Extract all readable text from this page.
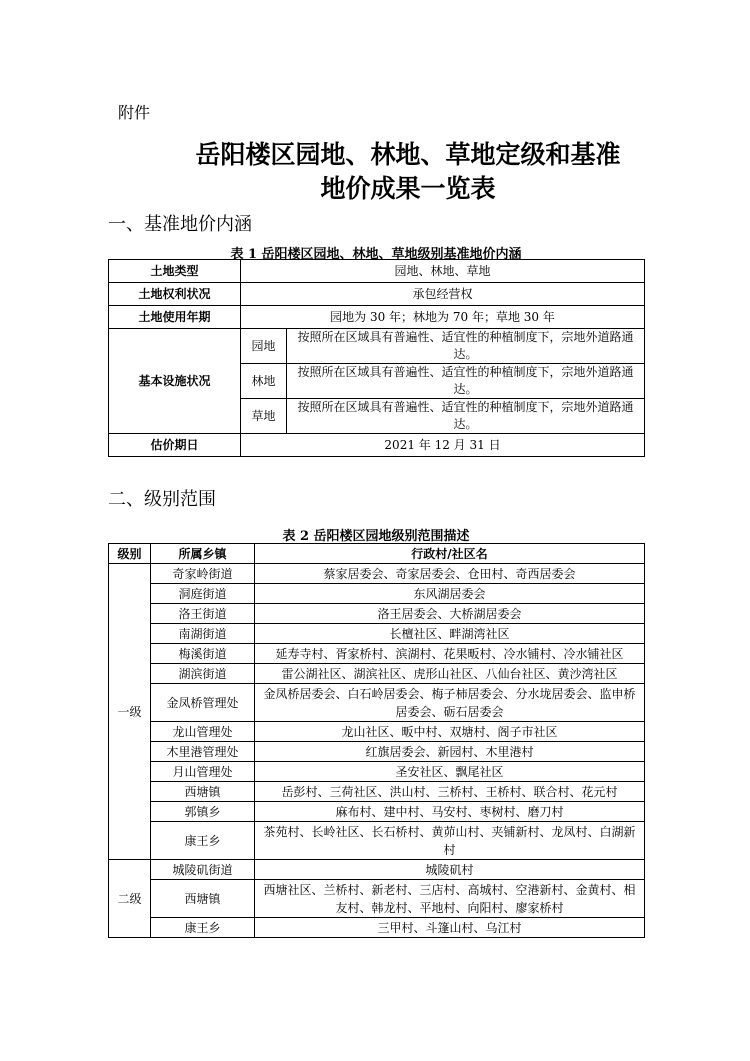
附件
岳阳楼区园地、林地、草地定级和基准
地价成果一览表
一、基准地价内涵
表 1 岳阳楼区园地、林地、草地级别基准地价内涵
土地类型	园地、林地、草地	
土地权利状况	承包经营权	
土地使用年期	园地为 30 年；林地为 70 年；草地 30 年	
基本设施状况	园地	按照所在区域具有普遍性、适宜性的种植制度下，宗地外道路通达。
	林地	按照所在区域具有普遍性、适宜性的种植制度下，宗地外道路通达。
	草地	按照所在区域具有普遍性、适宜性的种植制度下，宗地外道路通达。
估价期日	2021 年 12 月 31 日	
二、级别范围
表 2 岳阳楼区园地级别范围描述
级别	所属乡镇	行政村/社区名
一级	奇家岭街道	蔡家居委会、奇家居委会、仓田村、奇西居委会
	洞庭街道	东风湖居委会
	洛王街道	洛王居委会、大桥湖居委会
	南湖街道	长檀社区、畔湖湾社区
	梅溪街道	延寿寺村、胥家桥村、滨湖村、花果畈村、冷水铺村、冷水铺社区
	湖滨街道	雷公湖社区、湖滨社区、虎形山社区、八仙台社区、黄沙湾社区
	金凤桥管理处	金凤桥居委会、白石岭居委会、梅子柿居委会、分水垅居委会、监申桥居委会、砺石居委会
	龙山管理处	龙山社区、畈中村、双塘村、阁子市社区
	木里港管理处	红旗居委会、新园村、木里港村
	月山管理处	圣安社区、飘尾社区
	西塘镇	岳彭村、三荷社区、洪山村、三桥村、王桥村、联合村、花元村
	郭镇乡	麻布村、建中村、马安村、枣树村、磨刀村
	康王乡	茶苑村、长岭社区、长石桥村、黄茆山村、夹铺新村、龙凤村、白湖新村
二级	城陵矶街道	城陵矶村
	西塘镇	西塘社区、兰桥村、新老村、三店村、高城村、空港新村、金黄村、相友村、韩龙村、平地村、向阳村、廖家桥村
	康王乡	三甲村、斗篷山村、乌江村
